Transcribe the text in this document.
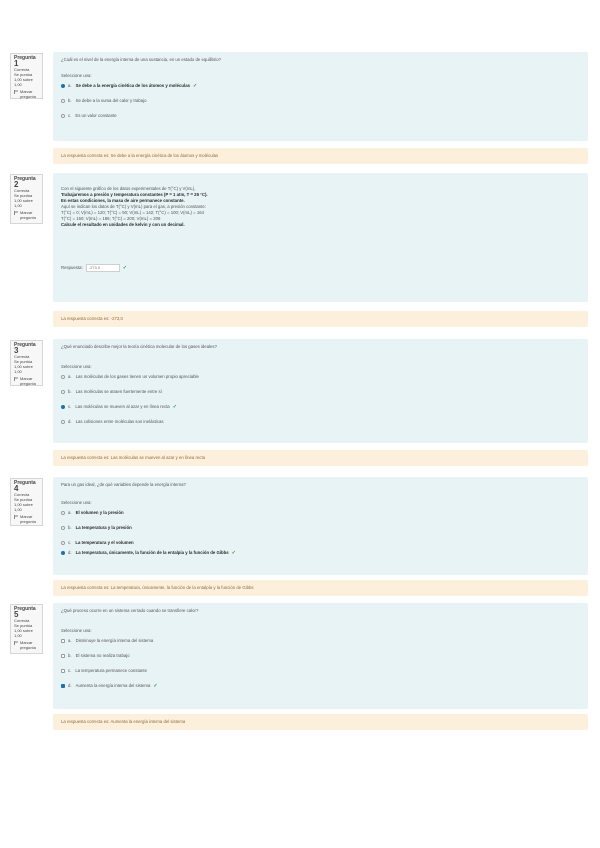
Pregunta 1
Correcta
Se puntúa 1,00 sobre 1,00
Marcar pregunta
¿Cuál es el nivel de la energía interna de una sustancia, en un estado de equilibrio?
Seleccione una:
a. Se debe a la energía cinética de los átomos y moléculas ✓
b. Se debe a la suma del calor y trabajo
c. Es un valor constante
La respuesta correcta es: Se debe a la energía cinética de los átomos y moléculas
Pregunta 2
Correcta
Se puntúa 1,00 sobre 1,00
Marcar pregunta
Con el siguiente gráfico de los datos experimentales de T(°C) y V(mL),
Trabajaremos a presión y temperatura constantes (P = 1 atm, T = 25 °C).
En estas condiciones, la masa de aire permanece constante.
Aquí se indican los datos de T(°C) y V(mL) para el gas, a presión constante:
T(°C) = 0; V(mL) = 120; T(°C) = 50; V(mL) = 142; T(°C) = 100; V(mL) = 164
T(°C) = 150; V(mL) = 186; T(°C) = 200; V(mL) = 208
Calcule el resultado en unidades de kelvin y con un decimal.
Respuesta:	-273,0	✓
La respuesta correcta es: -273,0
Pregunta 3
Correcta
Se puntúa 1,00 sobre 1,00
Marcar pregunta
¿Qué enunciado describe mejor la teoría cinética molecular de los gases ideales?
Seleccione una:
a. Las moléculas de los gases tienen un volumen propio apreciable
b. Las moléculas se atraen fuertemente entre sí
c. Las moléculas se mueven al azar y en línea recta ✓
d. Las colisiones entre moléculas son inelásticas
La respuesta correcta es: Las moléculas se mueven al azar y en línea recta
Pregunta 4
Correcta
Se puntúa 1,00 sobre 1,00
Marcar pregunta
Para un gas ideal, ¿de qué variables depende la energía interna?
Seleccione una:
a. El volumen y la presión
b. La temperatura y la presión
c. La temperatura y el volumen
d. La temperatura, únicamente, la función de la entalpía y la función de Gibbs ✓
La respuesta correcta es: La temperatura, únicamente, la función de la entalpía y la función de Gibbs
Pregunta 5
Correcta
Se puntúa 1,00 sobre 1,00
Marcar pregunta
¿Qué proceso ocurre en un sistema cerrado cuando se transfiere calor?
Seleccione una:
a. Disminuye la energía interna del sistema
b. El sistema no realiza trabajo
c. La temperatura permanece constante
d. Aumenta la energía interna del sistema ✓
La respuesta correcta es: Aumenta la energía interna del sistema
